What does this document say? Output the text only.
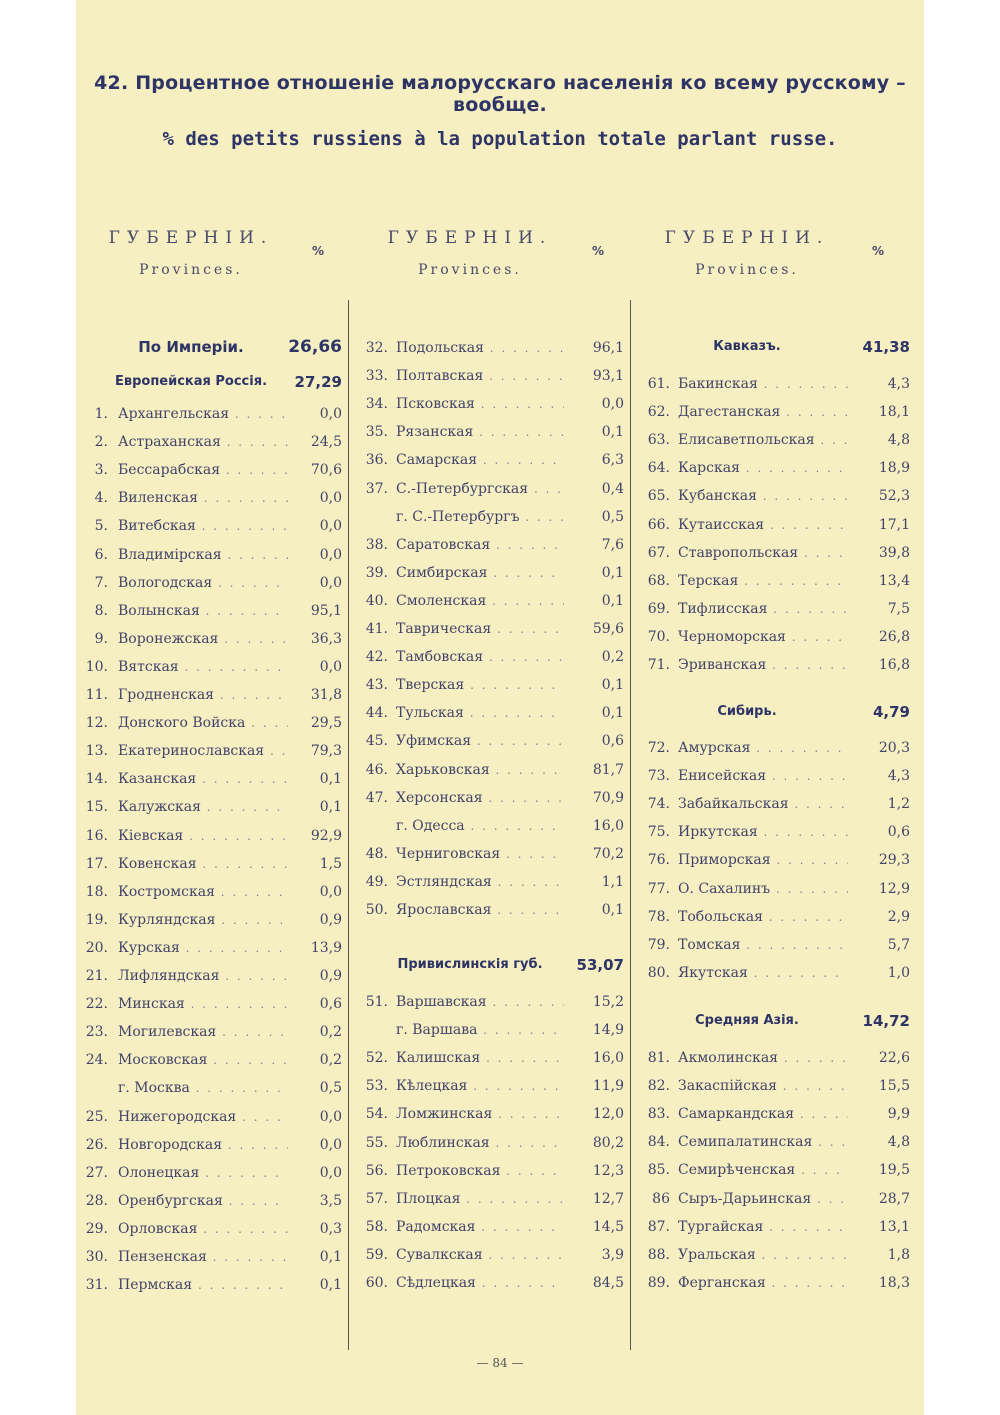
42. Процентное отношеніе малорусскаго населенія ко всему русскому – вообще.
% des petits russiens à la population totale parlant russe.
ГУБЕРНІИ.
Provinces.
%
ГУБЕРНІИ.
Provinces.
%
ГУБЕРНІИ.
Provinces.
%
По Имперіи.	26,66
Европейская Россія.	27,29
1. Архангельская . . .	0,0
2. Астраханская . . .	24,5
3. Бессарабская . . .	70,6
4. Виленская . . .	0,0
5. Витебская . . .	0,0
6. Владимірская . . .	0,0
7. Вологодская . . .	0,0
8. Волынская . . .	95,1
9. Воронежская . . .	36,3
10. Вятская . . .	0,0
11. Гродненская . . .	31,8
12. Донского Войска . . .	29,5
13. Екатеринославская . . .	79,3
14. Казанская . . .	0,1
15. Калужская . . .	0,1
16. Кіевская . . .	92,9
17. Ковенская . . .	1,5
18. Костромская . . .	0,0
19. Курляндская . . .	0,9
20. Курская . . .	13,9
21. Лифляндская . . .	0,9
22. Минская . . .	0,6
23. Могилевская . . .	0,2
24. Московская . . .	0,2
г. Москва . . .	0,5
25. Нижегородская . . .	0,0
26. Новгородская . . .	0,0
27. Олонецкая . . .	0,0
28. Оренбургская . . .	3,5
29. Орловская . . .	0,3
30. Пензенская . . .	0,1
31. Пермская . . .	0,1
32. Подольская . . .	96,1
33. Полтавская . . .	93,1
34. Псковская . . .	0,0
35. Рязанская . . .	0,1
36. Самарская . . .	6,3
37. С.-Петербургская . . .	0,4
г. С.-Петербургъ . . .	0,5
38. Саратовская . . .	7,6
39. Симбирская . . .	0,1
40. Смоленская . . .	0,1
41. Таврическая . . .	59,6
42. Тамбовская . . .	0,2
43. Тверская . . .	0,1
44. Тульская . . .	0,1
45. Уфимская . . .	0,6
46. Харьковская . . .	81,7
47. Херсонская . . .	70,9
г. Одесса . . .	16,0
48. Черниговская . . .	70,2
49. Эстляндская . . .	1,1
50. Ярославская . . .	0,1
Привислинскія губ.	53,07
51. Варшавская . . .	15,2
г. Варшава . . .	14,9
52. Калишская . . .	16,0
53. Кѣлецкая . . .	11,9
54. Ломжинская . . .	12,0
55. Люблинская . . .	80,2
56. Петроковская . . .	12,3
57. Плоцкая . . .	12,7
58. Радомская . . .	14,5
59. Сувалкская . . .	3,9
60. Сѣдлецкая . . .	84,5
Кавказъ.	41,38
61. Бакинская . . .	4,3
62. Дагестанская . . .	18,1
63. Елисаветпольская . . .	4,8
64. Карская . . .	18,9
65. Кубанская . . .	52,3
66. Кутаисская . . .	17,1
67. Ставропольская . . .	39,8
68. Терская . . .	13,4
69. Тифлисская . . .	7,5
70. Черноморская . . .	26,8
71. Эриванская . . .	16,8
Сибирь.	4,79
72. Амурская . . .	20,3
73. Енисейская . . .	4,3
74. Забайкальская . . .	1,2
75. Иркутская . . .	0,6
76. Приморская . . .	29,3
77. О. Сахалинъ . . .	12,9
78. Тобольская . . .	2,9
79. Томская . . .	5,7
80. Якутская . . .	1,0
Средняя Азія.	14,72
81. Акмолинская . . .	22,6
82. Закаспійская . . .	15,5
83. Самаркандская . . .	9,9
84. Семипалатинская . . .	4,8
85. Семирѣченская . . .	19,5
86 Сыръ-Дарьинская . . .	28,7
87. Тургайская . . .	13,1
88. Уральская . . .	1,8
89. Ферганская . . .	18,3
— 84 —
